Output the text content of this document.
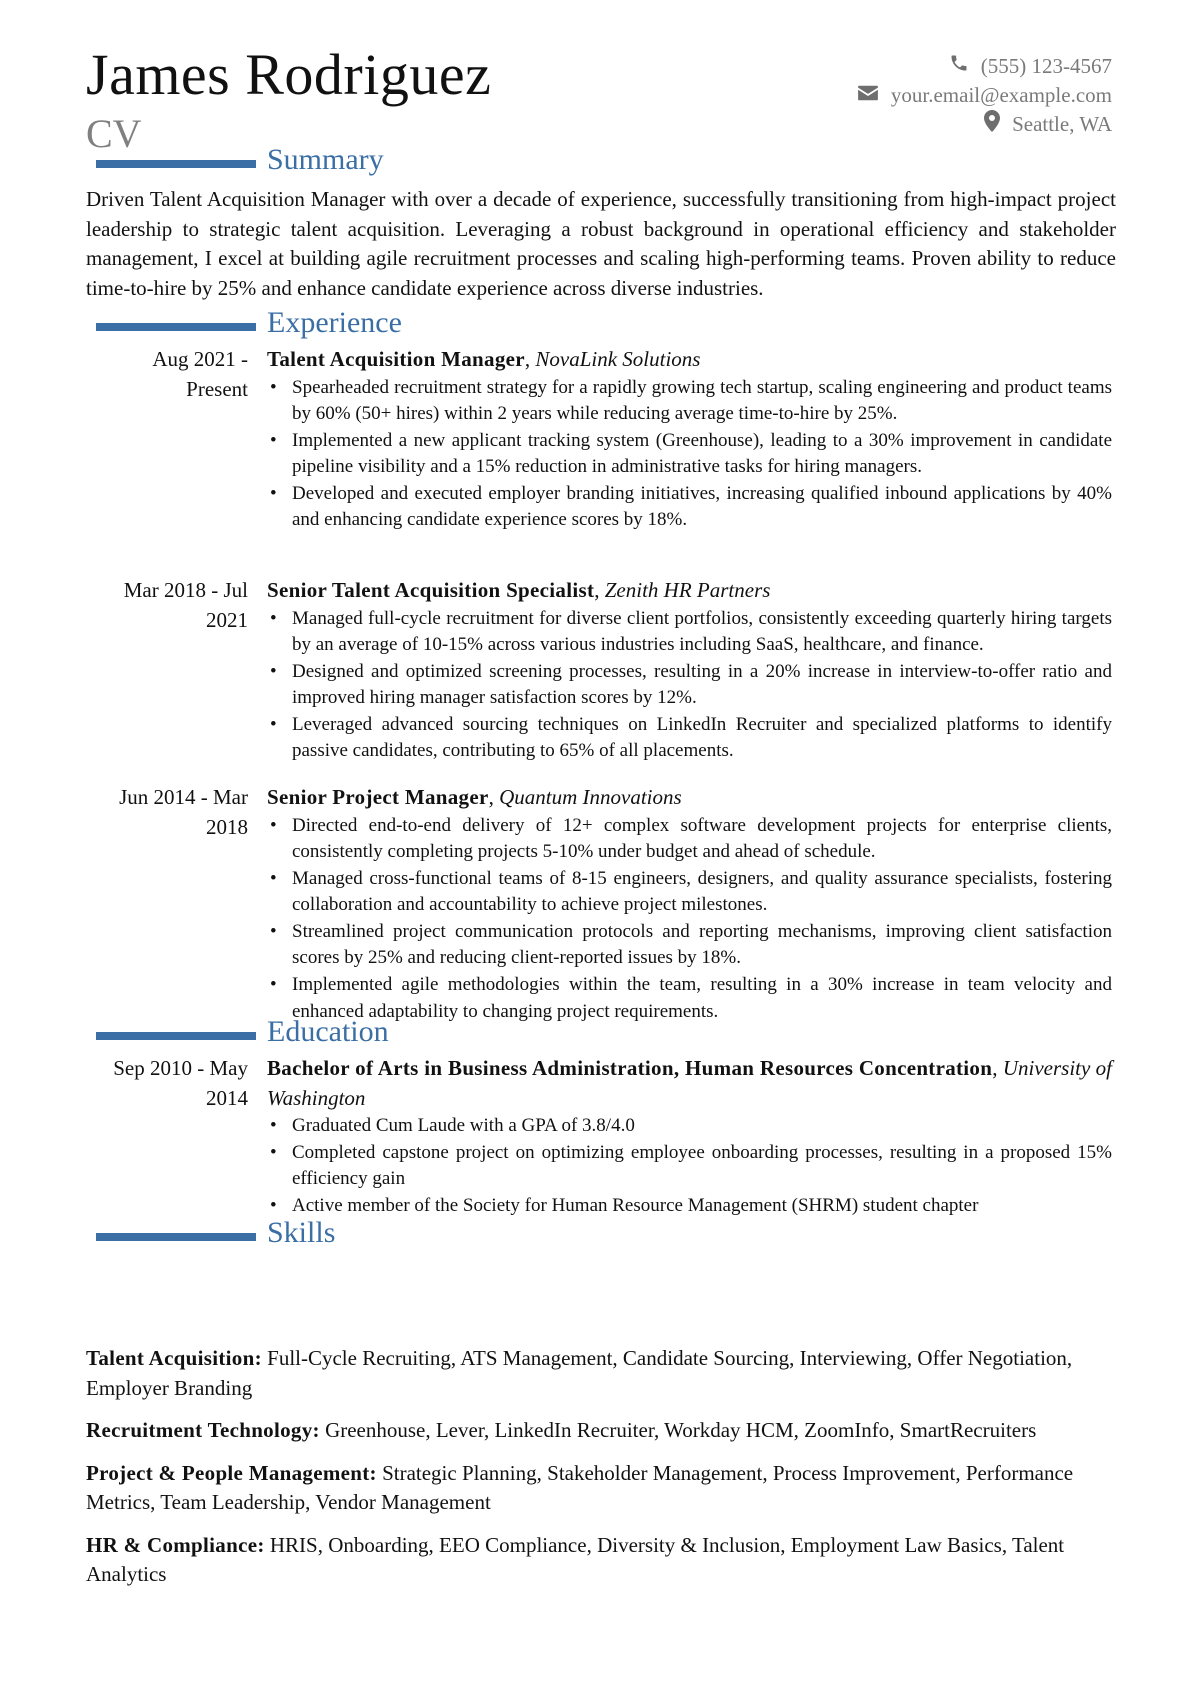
James Rodriguez
CV
(555) 123-4567
your.email@example.com
Seattle, WA
Summary

Driven Talent Acquisition Manager with over a decade of experience, successfully transitioning from high-impact project leadership to strategic talent acquisition. Leveraging a robust background in operational efficiency and stakeholder management, I excel at building agile recruitment processes and scaling high-performing teams. Proven ability to reduce time-to-hire by 25% and enhance candidate experience across diverse industries.

Experience
Aug 2021 -
Present
Talent Acquisition Manager, NovaLink Solutions
• Spearheaded recruitment strategy for a rapidly growing tech startup, scaling engineering and product teams by 60% (50+ hires) within 2 years while reducing average time-to-hire by 25%.
• Implemented a new applicant tracking system (Greenhouse), leading to a 30% improvement in candidate pipeline visibility and a 15% reduction in administrative tasks for hiring managers.
• Developed and executed employer branding initiatives, increasing qualified inbound applications by 40% and enhancing candidate experience scores by 18%.
Mar 2018 - Jul
2021
Senior Talent Acquisition Specialist, Zenith HR Partners
• Managed full-cycle recruitment for diverse client portfolios, consistently exceeding quarterly hiring targets by an average of 10-15% across various industries including SaaS, healthcare, and finance.
• Designed and optimized screening processes, resulting in a 20% increase in interview-to-offer ratio and improved hiring manager satisfaction scores by 12%.
• Leveraged advanced sourcing techniques on LinkedIn Recruiter and specialized platforms to identify passive candidates, contributing to 65% of all placements.
Jun 2014 - Mar
2018
Senior Project Manager, Quantum Innovations
• Directed end-to-end delivery of 12+ complex software development projects for enterprise clients, consistently completing projects 5-10% under budget and ahead of schedule.
• Managed cross-functional teams of 8-15 engineers, designers, and quality assurance specialists, fostering collaboration and accountability to achieve project milestones.
• Streamlined project communication protocols and reporting mechanisms, improving client satisfaction scores by 25% and reducing client-reported issues by 18%.
• Implemented agile methodologies within the team, resulting in a 30% increase in team velocity and enhanced adaptability to changing project requirements.
Education
Sep 2010 - May
2014
Bachelor of Arts in Business Administration, Human Resources Concentration, University of Washington
• Graduated Cum Laude with a GPA of 3.8/4.0
• Completed capstone project on optimizing employee onboarding processes, resulting in a proposed 15% efficiency gain
• Active member of the Society for Human Resource Management (SHRM) student chapter
Skills
Talent Acquisition: Full-Cycle Recruiting, ATS Management, Candidate Sourcing, Interviewing, Offer Negotiation, Employer Branding
Recruitment Technology: Greenhouse, Lever, LinkedIn Recruiter, Workday HCM, ZoomInfo, SmartRecruiters
Project & People Management: Strategic Planning, Stakeholder Management, Process Improvement, Performance Metrics, Team Leadership, Vendor Management
HR & Compliance: HRIS, Onboarding, EEO Compliance, Diversity & Inclusion, Employment Law Basics, Talent Analytics
